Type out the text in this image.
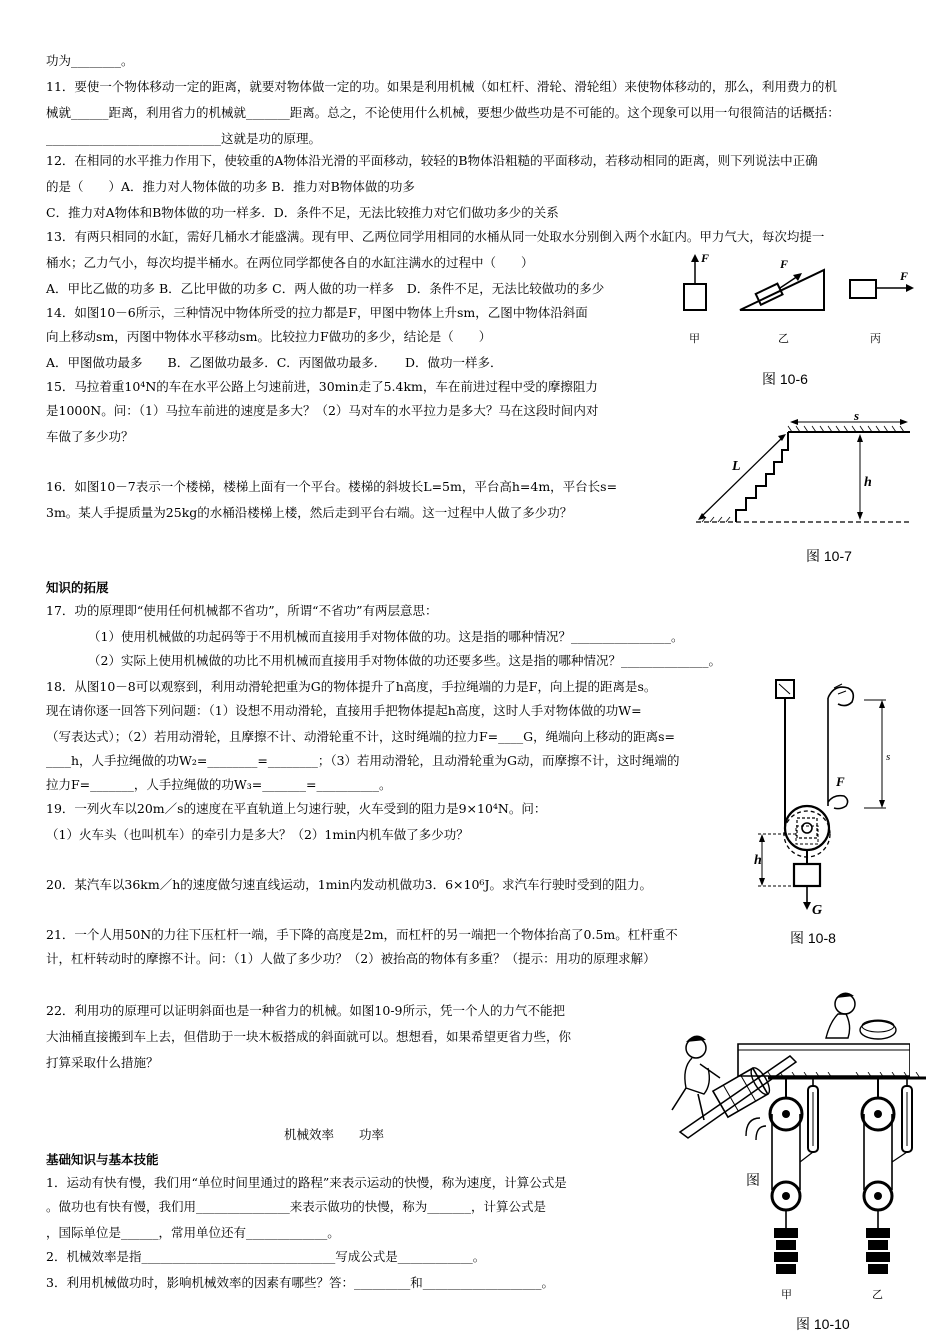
功为________。
11．要使一个物体移动一定的距离，就要对物体做一定的功。如果是利用机械（如杠杆、滑轮、滑轮组）来使物体移动的，那么，利用费力的机
械就______距离，利用省力的机械就_______距离。总之，不论使用什么机械，要想少做些功是不可能的。这个现象可以用一句很简洁的话概括：
____________________________这就是功的原理。
12．在相同的水平推力作用下，使较重的A物体沿光滑的平面移动，较轻的B物体沿粗糙的平面移动，若移动相同的距离，则下列说法中正确
的是（　　）A．推力对人物体做的功多 B．推力对B物体做的功多
C．推力对A物体和B物体做的功一样多．D．条件不足，无法比较推力对它们做功多少的关系
13．有两只相同的水缸，需好几桶水才能盛满。现有甲、乙两位同学用相同的水桶从同一处取水分别倒入两个水缸内。甲力气大，每次均提一
桶水；乙力气小，每次均提半桶水。在两位同学都使各自的水缸注满水的过程中（　　）
A．甲比乙做的功多 B．乙比甲做的功多 C．两人做的功一样多　D．条件不足，无法比较做功的多少
14．如图10－6所示，三种情况中物体所受的拉力都是F，甲图中物体上升sm，乙图中物体沿斜面
向上移动sm，丙图中物体水平移动sm。比较拉力F做功的多少，结论是（　　）
A．甲图做功最多　　B．乙图做功最多．C．丙图做功最多．　　D．做功一样多．
15．马拉着重10⁴N的车在水平公路上匀速前进，30min走了5.4km，车在前进过程中受的摩擦阻力
是1000N。问：（1）马拉车前进的速度是多大？（2）马对车的水平拉力是多大？马在这段时间内对
车做了多少功？
16．如图10－7表示一个楼梯，楼梯上面有一个平台。楼梯的斜坡长L=5m，平台高h=4m，平台长s=
3m。某人手提质量为25kg的水桶沿楼梯上楼，然后走到平台右端。这一过程中人做了多少功？
知识的拓展
17．功的原理即“使用任何机械都不省功”，所谓“不省功”有两层意思：
（1）使用机械做的功起码等于不用机械而直接用手对物体做的功。这是指的哪种情况？________________。
（2）实际上使用机械做的功比不用机械而直接用手对物体做的功还要多些。这是指的哪种情况？______________。
18．从图10－8可以观察到，利用动滑轮把重为G的物体提升了h高度，手拉绳端的力是F，向上提的距离是s。
现在请你逐一回答下列问题：（1）设想不用动滑轮，直接用手把物体提起h高度，这时人手对物体做的功W=
（写表达式）；（2）若用动滑轮，且摩擦不计、动滑轮重不计，这时绳端的拉力F=____G，绳端向上移动的距离s=
____h，人手拉绳做的功W₂=________=________；（3）若用动滑轮，且动滑轮重为G动，而摩擦不计，这时绳端的
拉力F=_______，人手拉绳做的功W₃=_______=__________。
19．一列火车以20m／s的速度在平直轨道上匀速行驶，火车受到的阻力是9×10⁴N。问：
（1）火车头（也叫机车）的牵引力是多大？（2）1min内机车做了多少功？
20．某汽车以36km／h的速度做匀速直线运动，1min内发动机做功3．6×10⁶J。求汽车行驶时受到的阻力。
21．一个人用50N的力往下压杠杆一端，手下降的高度是2m，而杠杆的另一端把一个物体抬高了0.5m。杠杆重不
计，杠杆转动时的摩擦不计。问：（1）人做了多少功？（2）被抬高的物体有多重？（提示：用功的原理求解）
22．利用功的原理可以证明斜面也是一种省力的机械。如图10-9所示，凭一个人的力气不能把
大油桶直接搬到车上去，但借助于一块木板搭成的斜面就可以。想想看，如果希望更省力些，你
打算采取什么措施？
机械效率　　功率
基础知识与基本技能
1．运动有快有慢，我们用“单位时间里通过的路程”来表示运动的快慢，称为速度，计算公式是
。做功也有快有慢，我们用_______________来表示做功的快慢，称为_______，计算公式是
，国际单位是______，常用单位还有_____________。
2．机械效率是指_______________________________写成公式是____________。
3．利用机械做功时，影响机械效率的因素有哪些？答：_________和___________________。
F	F
F
甲	乙	丙
图 10-6
L
s
h
图 10-7
F
s
h
G
图 10-8
图
甲	乙
图 10-10
